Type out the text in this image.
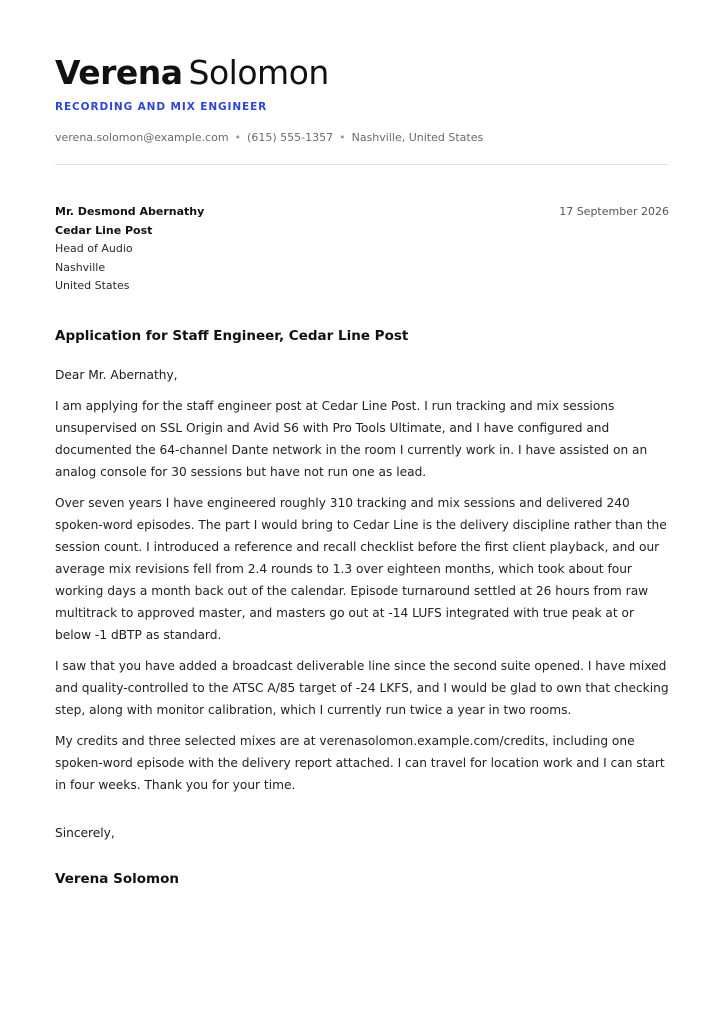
Verena Solomon
RECORDING AND MIX ENGINEER
verena.solomon@example.com • (615) 555-1357 • Nashville, United States
Mr. Desmond Abernathy
Cedar Line Post
Head of Audio
Nashville
United States
17 September 2026
Application for Staff Engineer, Cedar Line Post
Dear Mr. Abernathy,
I am applying for the staff engineer post at Cedar Line Post. I run tracking and mix sessions unsupervised on SSL Origin and Avid S6 with Pro Tools Ultimate, and I have configured and documented the 64-channel Dante network in the room I currently work in. I have assisted on an analog console for 30 sessions but have not run one as lead.
Over seven years I have engineered roughly 310 tracking and mix sessions and delivered 240 spoken-word episodes. The part I would bring to Cedar Line is the delivery discipline rather than the session count. I introduced a reference and recall checklist before the first client playback, and our average mix revisions fell from 2.4 rounds to 1.3 over eighteen months, which took about four working days a month back out of the calendar. Episode turnaround settled at 26 hours from raw multitrack to approved master, and masters go out at -14 LUFS integrated with true peak at or below -1 dBTP as standard.
I saw that you have added a broadcast deliverable line since the second suite opened. I have mixed and quality-controlled to the ATSC A/85 target of -24 LKFS, and I would be glad to own that checking step, along with monitor calibration, which I currently run twice a year in two rooms.
My credits and three selected mixes are at verenasolomon.example.com/credits, including one spoken-word episode with the delivery report attached. I can travel for location work and I can start in four weeks. Thank you for your time.
Sincerely,
Verena Solomon
